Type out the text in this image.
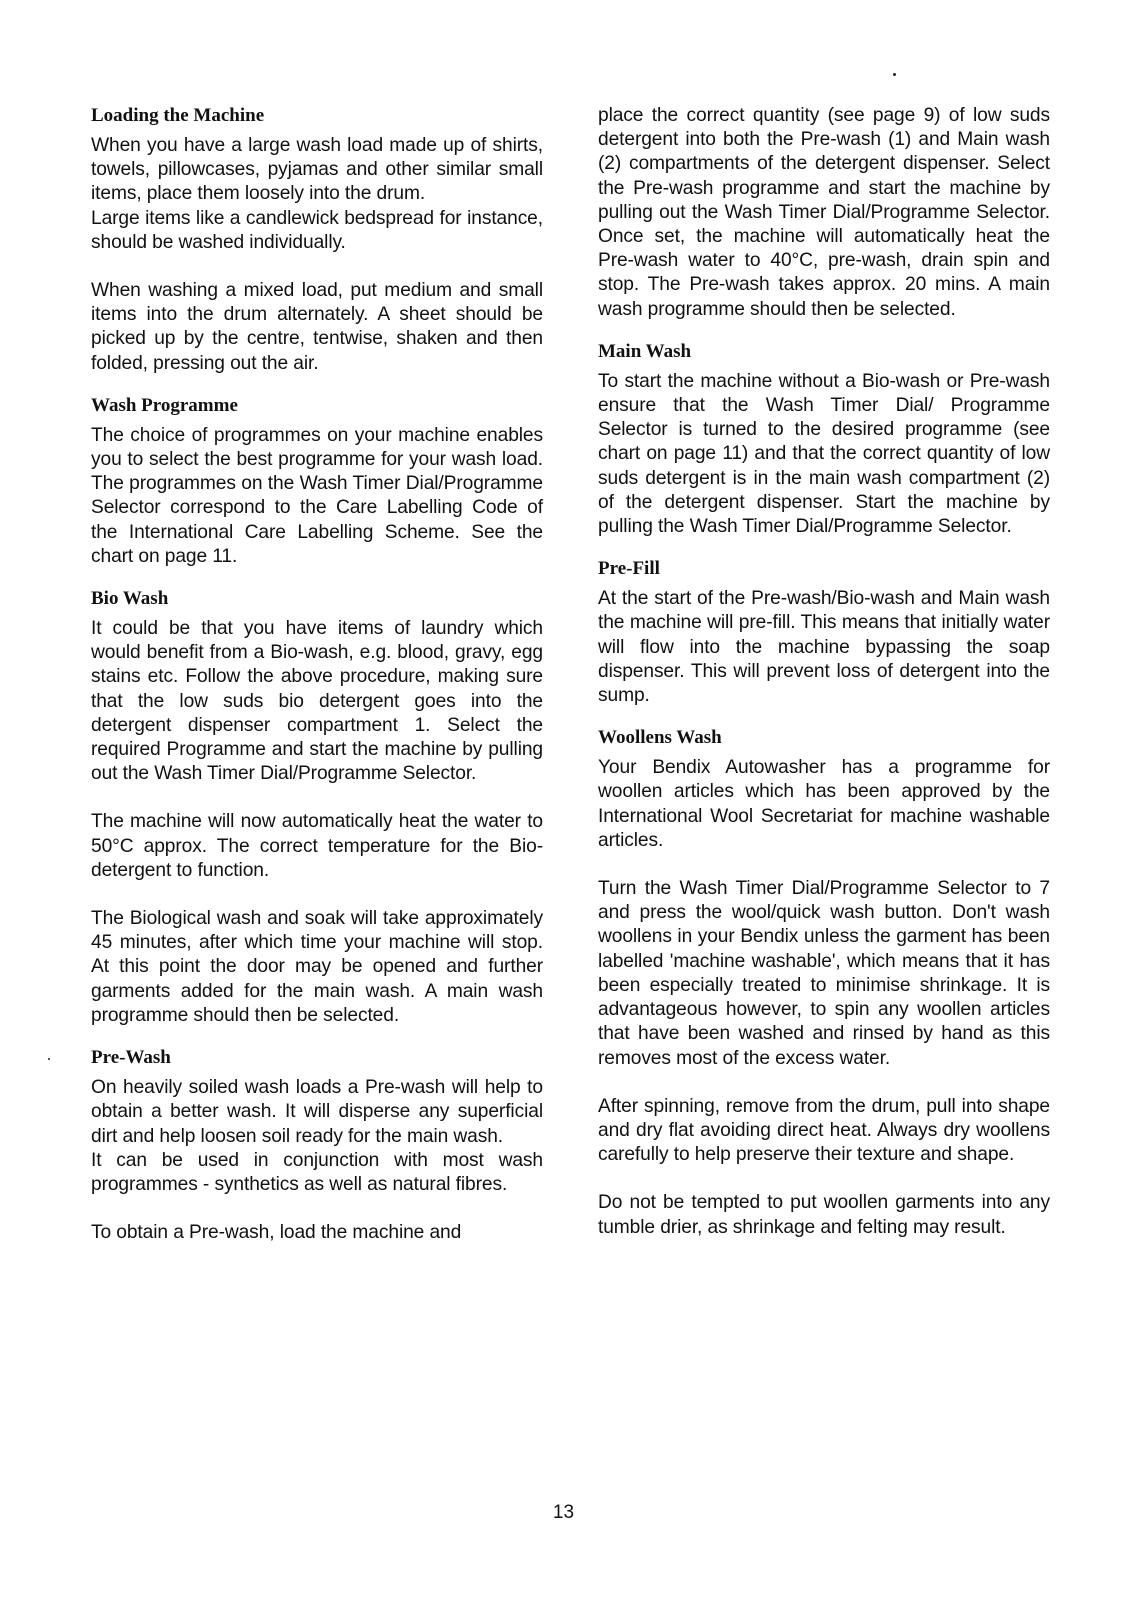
Loading the Machine

When you have a large wash load made up of shirts, towels, pillowcases, pyjamas and other similar small items, place them loosely into the drum.

Large items like a candlewick bedspread for instance, should be washed individually.

When washing a mixed load, put medium and small items into the drum alternately. A sheet should be picked up by the centre, tentwise, shaken and then folded, pressing out the air.

Wash Programme

The choice of programmes on your machine enables you to select the best programme for your wash load. The programmes on the Wash Timer Dial/Programme Selector correspond to the Care Labelling Code of the International Care Labelling Scheme. See the chart on page 11.

Bio Wash

It could be that you have items of laundry which would benefit from a Bio-wash, e.g. blood, gravy, egg stains etc. Follow the above procedure, making sure that the low suds bio detergent goes into the detergent dispenser compartment 1. Select the required Programme and start the machine by pulling out the Wash Timer Dial/Programme Selector.

The machine will now automatically heat the water to 50°C approx. The correct temperature for the Bio-detergent to function.

The Biological wash and soak will take approximately 45 minutes, after which time your machine will stop. At this point the door may be opened and further garments added for the main wash. A main wash programme should then be selected.

Pre-Wash

On heavily soiled wash loads a Pre-wash will help to obtain a better wash. It will disperse any superficial dirt and help loosen soil ready for the main wash.

It can be used in conjunction with most wash programmes - synthetics as well as natural fibres.

To obtain a Pre-wash, load the machine and

place the correct quantity (see page 9) of low suds detergent into both the Pre-wash (1) and Main wash (2) compartments of the detergent dispenser. Select the Pre-wash programme and start the machine by pulling out the Wash Timer Dial/Programme Selector. Once set, the machine will automatically heat the Pre-wash water to 40°C, pre-wash, drain spin and stop. The Pre-wash takes approx. 20 mins. A main wash programme should then be selected.

Main Wash

To start the machine without a Bio-wash or Pre-wash ensure that the Wash Timer Dial/ Programme Selector is turned to the desired programme (see chart on page 11) and that the correct quantity of low suds detergent is in the main wash compartment (2) of the detergent dispenser. Start the machine by pulling the Wash Timer Dial/Programme Selector.

Pre-Fill

At the start of the Pre-wash/Bio-wash and Main wash the machine will pre-fill. This means that initially water will flow into the machine bypassing the soap dispenser. This will prevent loss of detergent into the sump.

Woollens Wash

Your Bendix Autowasher has a programme for woollen articles which has been approved by the International Wool Secretariat for machine washable articles.

Turn the Wash Timer Dial/Programme Selector to 7 and press the wool/quick wash button. Don't wash woollens in your Bendix unless the garment has been labelled 'machine washable', which means that it has been especially treated to minimise shrinkage. It is advantageous however, to spin any woollen articles that have been washed and rinsed by hand as this removes most of the excess water.

After spinning, remove from the drum, pull into shape and dry flat avoiding direct heat. Always dry woollens carefully to help preserve their texture and shape.

Do not be tempted to put woollen garments into any tumble drier, as shrinkage and felting may result.

13
